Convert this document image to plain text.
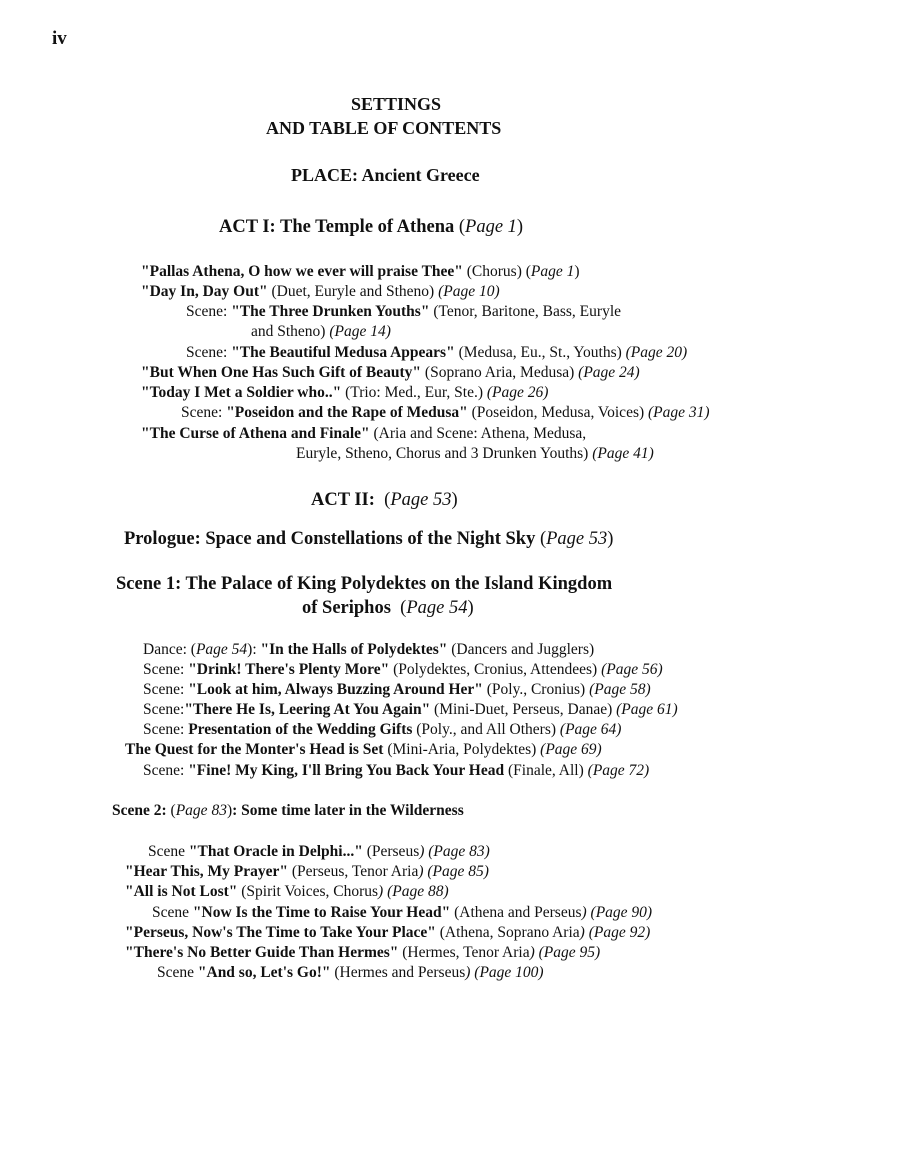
iv
SETTINGS
AND TABLE OF CONTENTS
PLACE: Ancient Greece
ACT I: The Temple of Athena (Page 1)
"Pallas Athena, O how we ever will praise Thee" (Chorus) (Page 1)
"Day In, Day Out" (Duet, Euryle and Stheno) (Page 10)
Scene: "The Three Drunken Youths" (Tenor, Baritone, Bass, Euryle
and Stheno) (Page 14)
Scene: "The Beautiful Medusa Appears" (Medusa, Eu., St., Youths) (Page 20)
"But When One Has Such Gift of Beauty" (Soprano Aria, Medusa) (Page 24)
"Today I Met a Soldier who.." (Trio: Med., Eur, Ste.) (Page 26)
Scene: "Poseidon and the Rape of Medusa" (Poseidon, Medusa, Voices) (Page 31)
"The Curse of Athena and Finale" (Aria and Scene: Athena, Medusa,
Euryle, Stheno, Chorus and 3 Drunken Youths) (Page 41)
ACT II:  (Page 53)
Prologue: Space and Constellations of the Night Sky (Page 53)
Scene 1: The Palace of King Polydektes on the Island Kingdom
of Seriphos  (Page 54)
Dance: (Page 54): "In the Halls of Polydektes" (Dancers and Jugglers)
Scene: "Drink! There's Plenty More" (Polydektes, Cronius, Attendees) (Page 56)
Scene: "Look at him, Always Buzzing Around Her" (Poly., Cronius) (Page 58)
Scene:"There He Is, Leering At You Again" (Mini-Duet, Perseus, Danae) (Page 61)
Scene: Presentation of the Wedding Gifts (Poly., and All Others) (Page 64)
The Quest for the Monter's Head is Set (Mini-Aria, Polydektes) (Page 69)
Scene: "Fine! My King, I'll Bring You Back Your Head (Finale, All) (Page 72)
Scene 2: (Page 83): Some time later in the Wilderness
Scene "That Oracle in Delphi..." (Perseus) (Page 83)
"Hear This, My Prayer" (Perseus, Tenor Aria) (Page 85)
"All is Not Lost" (Spirit Voices, Chorus) (Page 88)
Scene "Now Is the Time to Raise Your Head" (Athena and Perseus) (Page 90)
"Perseus, Now's The Time to Take Your Place" (Athena, Soprano Aria) (Page 92)
"There's No Better Guide Than Hermes" (Hermes, Tenor Aria) (Page 95)
Scene "And so, Let's Go!" (Hermes and Perseus) (Page 100)
